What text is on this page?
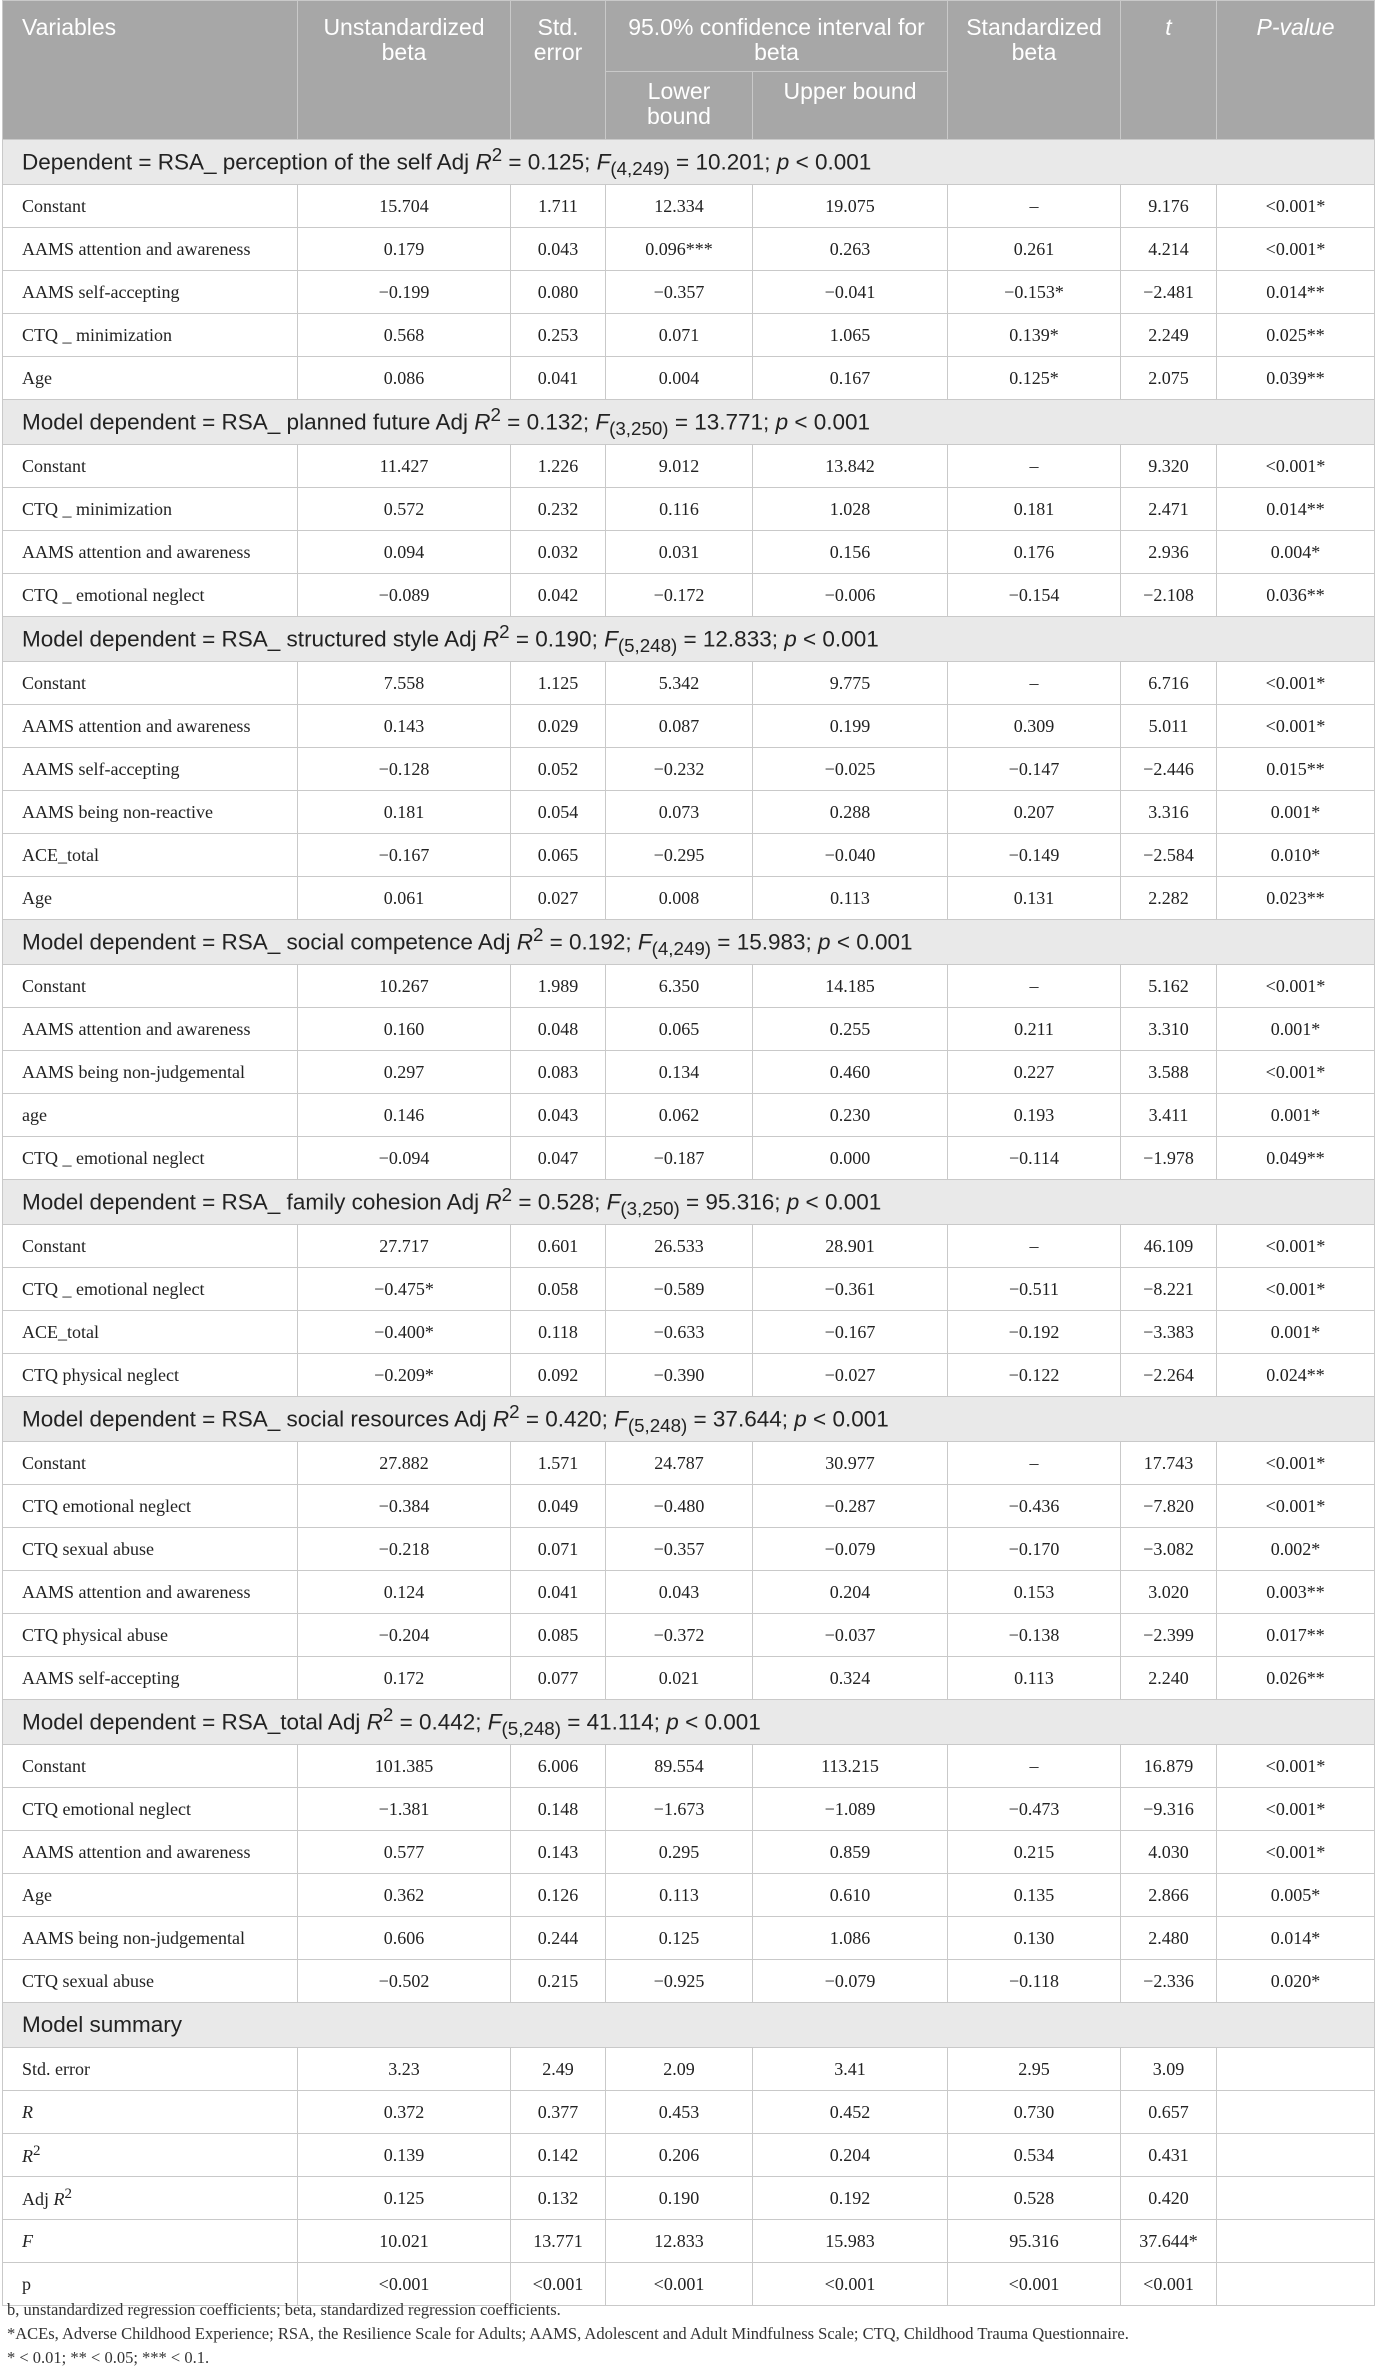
Variables	Unstandardized beta	Std. error	95.0% confidence interval for beta		Standardized beta	t	P-value
			Lower bound	Upper bound			
Dependent = RSA_ perception of the self Adj $R^2 = 0.125$; $F_{(4,249)} = 10.201$; p < 0.001							
Constant	15.704	1.711	12.334	19.075	–	9.176	<0.001*
AAMS attention and awareness	0.179	0.043	0.096***	0.263	0.261	4.214	<0.001*
AAMS self-accepting	−0.199	0.080	−0.357	−0.041	−0.153*	−2.481	0.014**
CTQ _ minimization	0.568	0.253	0.071	1.065	0.139*	2.249	0.025**
Age	0.086	0.041	0.004	0.167	0.125*	2.075	0.039**
Model dependent = RSA_ planned future Adj $R^2 = 0.132$; $F_{(3,250)} = 13.771$; p < 0.001							
Constant	11.427	1.226	9.012	13.842	–	9.320	<0.001*
CTQ _ minimization	0.572	0.232	0.116	1.028	0.181	2.471	0.014**
AAMS attention and awareness	0.094	0.032	0.031	0.156	0.176	2.936	0.004*
CTQ _ emotional neglect	−0.089	0.042	−0.172	−0.006	−0.154	−2.108	0.036**
Model dependent = RSA_ structured style Adj $R^2 = 0.190$; $F_{(5,248)} = 12.833$; p < 0.001							
Constant	7.558	1.125	5.342	9.775	–	6.716	<0.001*
AAMS attention and awareness	0.143	0.029	0.087	0.199	0.309	5.011	<0.001*
AAMS self-accepting	−0.128	0.052	−0.232	−0.025	−0.147	−2.446	0.015**
AAMS being non-reactive	0.181	0.054	0.073	0.288	0.207	3.316	0.001*
ACE_total	−0.167	0.065	−0.295	−0.040	−0.149	−2.584	0.010*
Age	0.061	0.027	0.008	0.113	0.131	2.282	0.023**
Model dependent = RSA_ social competence Adj $R^2 = 0.192$; $F_{(4,249)} = 15.983$; p < 0.001							
Constant	10.267	1.989	6.350	14.185	–	5.162	<0.001*
AAMS attention and awareness	0.160	0.048	0.065	0.255	0.211	3.310	0.001*
AAMS being non-judgemental	0.297	0.083	0.134	0.460	0.227	3.588	<0.001*
age	0.146	0.043	0.062	0.230	0.193	3.411	0.001*
CTQ _ emotional neglect	−0.094	0.047	−0.187	0.000	−0.114	−1.978	0.049**
Model dependent = RSA_ family cohesion Adj $R^2 = 0.528$; $F_{(3,250)} = 95.316$; p < 0.001							
Constant	27.717	0.601	26.533	28.901	–	46.109	<0.001*
CTQ _ emotional neglect	−0.475*	0.058	−0.589	−0.361	−0.511	−8.221	<0.001*
ACE_total	−0.400*	0.118	−0.633	−0.167	−0.192	−3.383	0.001*
CTQ physical neglect	−0.209*	0.092	−0.390	−0.027	−0.122	−2.264	0.024**
Model dependent = RSA_ social resources Adj $R^2 = 0.420$; $F_{(5,248)} = 37.644$; p < 0.001							
Constant	27.882	1.571	24.787	30.977	–	17.743	<0.001*
CTQ emotional neglect	−0.384	0.049	−0.480	−0.287	−0.436	−7.820	<0.001*
CTQ sexual abuse	−0.218	0.071	−0.357	−0.079	−0.170	−3.082	0.002*
AAMS attention and awareness	0.124	0.041	0.043	0.204	0.153	3.020	0.003**
CTQ physical abuse	−0.204	0.085	−0.372	−0.037	−0.138	−2.399	0.017**
AAMS self-accepting	0.172	0.077	0.021	0.324	0.113	2.240	0.026**
Model dependent = RSA_total Adj $R^2 = 0.442$; $F_{(5,248)} = 41.114$; p < 0.001							
Constant	101.385	6.006	89.554	113.215	–	16.879	<0.001*
CTQ emotional neglect	−1.381	0.148	−1.673	−1.089	−0.473	−9.316	<0.001*
AAMS attention and awareness	0.577	0.143	0.295	0.859	0.215	4.030	<0.001*
Age	0.362	0.126	0.113	0.610	0.135	2.866	0.005*
AAMS being non-judgemental	0.606	0.244	0.125	1.086	0.130	2.480	0.014*
CTQ sexual abuse	−0.502	0.215	−0.925	−0.079	−0.118	−2.336	0.020*
Model summary							
Std. error	3.23	2.49	2.09	3.41	2.95	3.09	
R	0.372	0.377	0.453	0.452	0.730	0.657	
$R^2$	0.139	0.142	0.206	0.204	0.534	0.431	
Adj $R^2$	0.125	0.132	0.190	0.192	0.528	0.420	
F	10.021	13.771	12.833	15.983	95.316	37.644*	
p	<0.001	<0.001	<0.001	<0.001	<0.001	<0.001	
b, unstandardized regression coefficients; beta, standardized regression coefficients.
*ACEs, Adverse Childhood Experience; RSA, the Resilience Scale for Adults; AAMS, Adolescent and Adult Mindfulness Scale; CTQ, Childhood Trauma Questionnaire.
* < 0.01; ** < 0.05; *** < 0.1.
